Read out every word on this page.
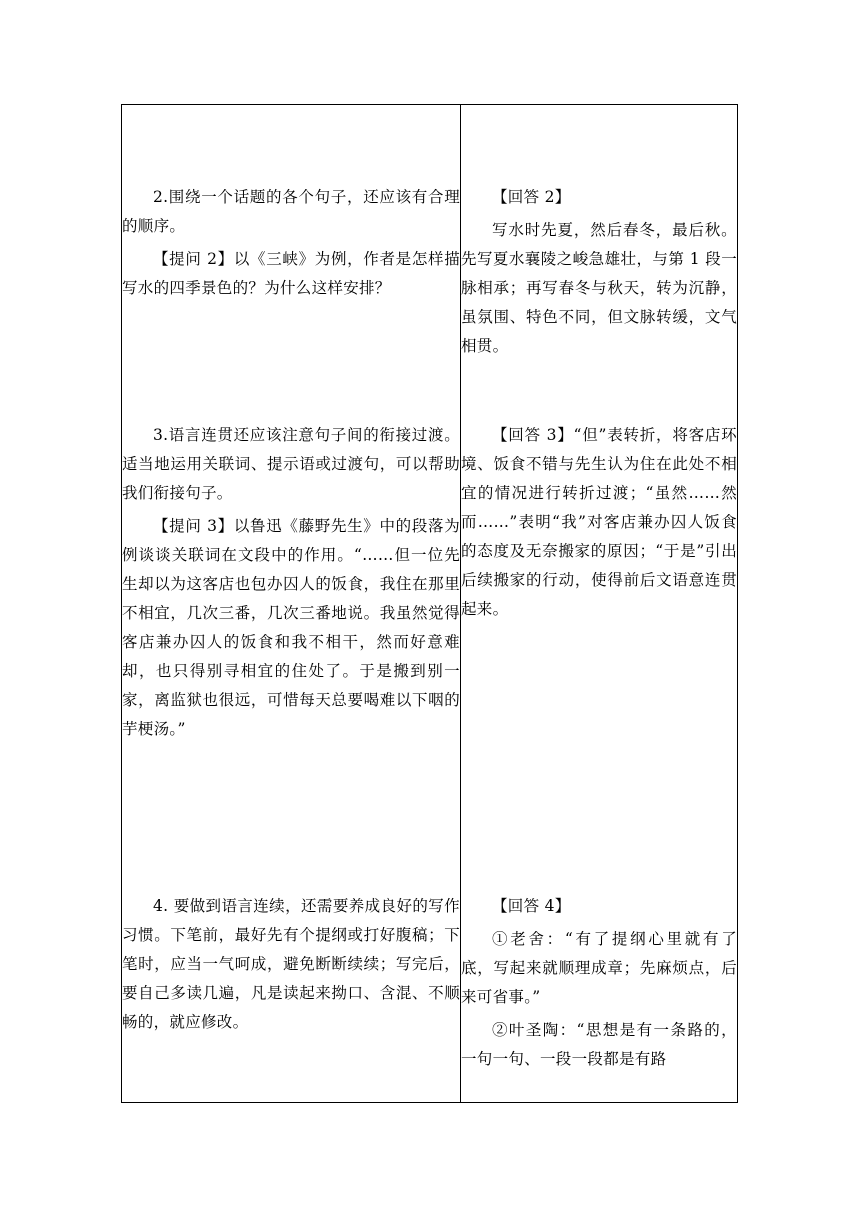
2.围绕一个话题的各个句子，还应该有合理的顺序。

【提问 2】以《三峡》为例，作者是怎样描写水的四季景色的？为什么这样安排？

3.语言连贯还应该注意句子间的衔接过渡。适当地运用关联词、提示语或过渡句，可以帮助我们衔接句子。

【提问 3】以鲁迅《藤野先生》中的段落为例谈谈关联词在文段中的作用。“……但一位先生却以为这客店也包办囚人的饭食，我住在那里不相宜，几次三番，几次三番地说。我虽然觉得客店兼办囚人的饭食和我不相干，然而好意难却，也只得别寻相宜的住处了。于是搬到别一家，离监狱也很远，可惜每天总要喝难以下咽的芋梗汤。”

4. 要做到语言连续，还需要养成良好的写作习惯。下笔前，最好先有个提纲或打好腹稿；下笔时，应当一气呵成，避免断断续续；写完后，要自己多读几遍，凡是读起来拗口、含混、不顺畅的，就应修改。

【回答 2】

写水时先夏，然后春冬，最后秋。先写夏水襄陵之峻急雄壮，与第 1 段一脉相承；再写春冬与秋天，转为沉静，虽氛围、特色不同，但文脉转缓，文气相贯。

【回答 3】“但”表转折，将客店环境、饭食不错与先生认为住在此处不相宜的情况进行转折过渡；“虽然……然而……”表明“我”对客店兼办囚人饭食的态度及无奈搬家的原因；“于是”引出后续搬家的行动，使得前后文语意连贯起来。

【回答 4】

①老舍：“有了提纲心里就有了底，写起来就顺理成章；先麻烦点，后来可省事。”

②叶圣陶：“思想是有一条路的，一句一句、一段一段都是有路
